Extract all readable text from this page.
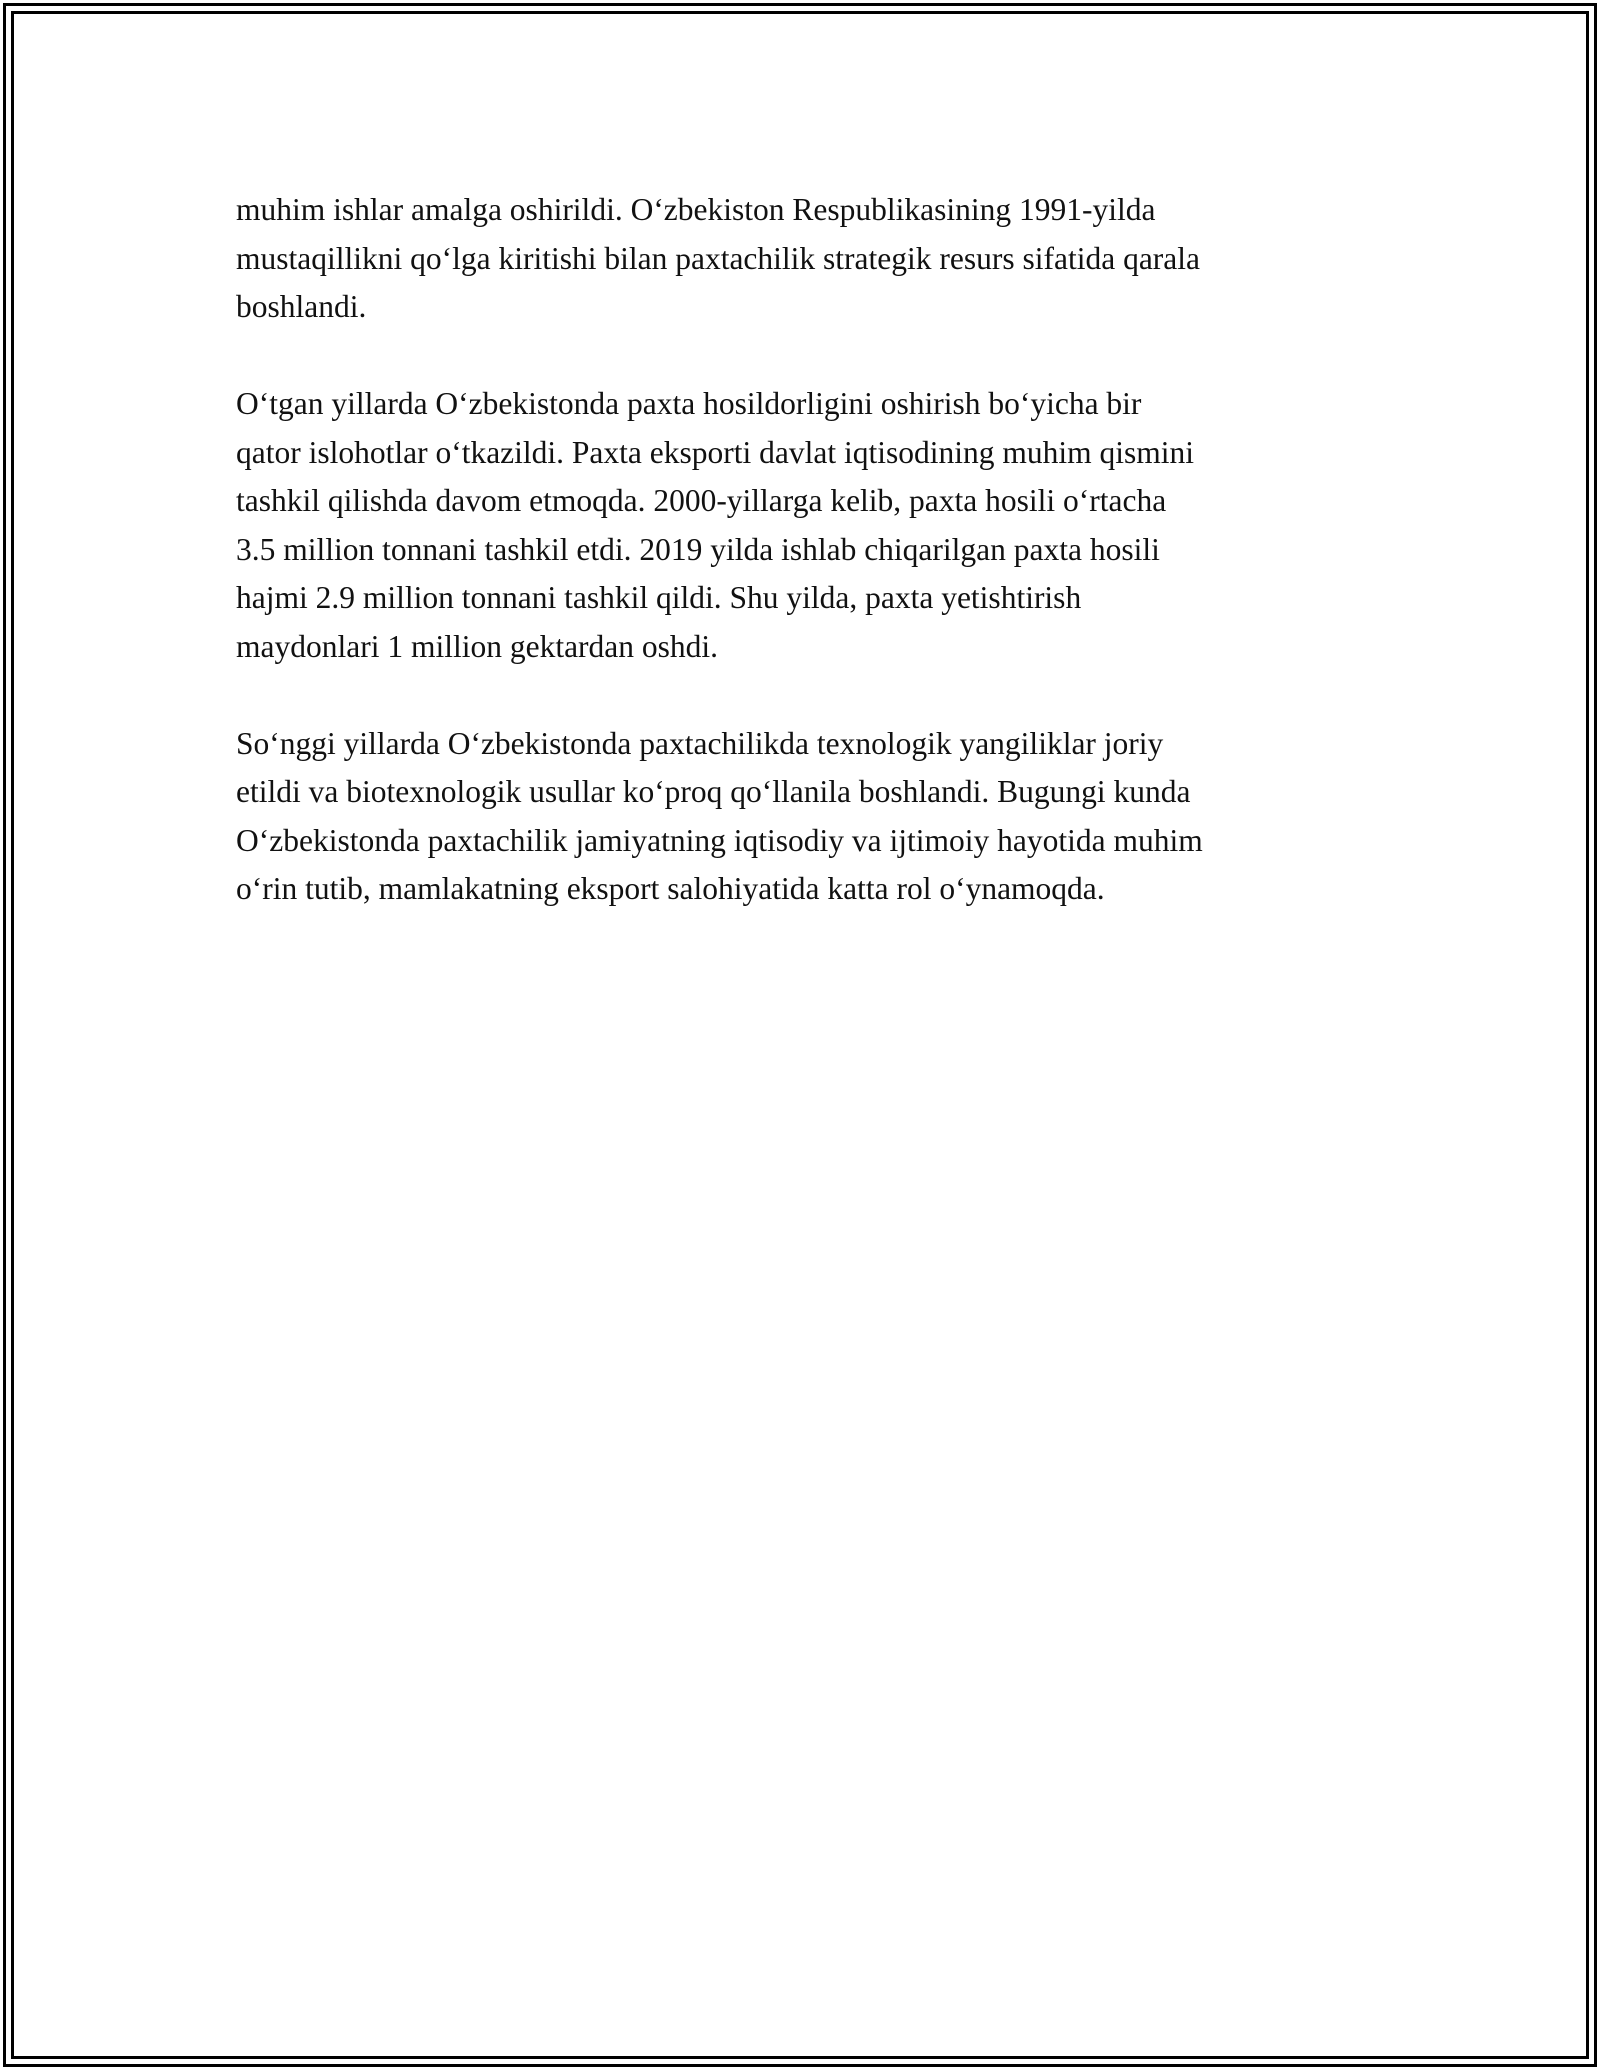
muhim ishlar amalga oshirildi. O‘zbekiston Respublikasining 1991-yilda
mustaqillikni qo‘lga kiritishi bilan paxtachilik strategik resurs sifatida qarala
boshlandi.

O‘tgan yillarda O‘zbekistonda paxta hosildorligini oshirish bo‘yicha bir
qator islohotlar o‘tkazildi. Paxta eksporti davlat iqtisodining muhim qismini
tashkil qilishda davom etmoqda. 2000-yillarga kelib, paxta hosili o‘rtacha
3.5 million tonnani tashkil etdi. 2019 yilda ishlab chiqarilgan paxta hosili
hajmi 2.9 million tonnani tashkil qildi. Shu yilda, paxta yetishtirish
maydonlari 1 million gektardan oshdi.

So‘nggi yillarda O‘zbekistonda paxtachilikda texnologik yangiliklar joriy
etildi va biotexnologik usullar ko‘proq qo‘llanila boshlandi. Bugungi kunda
O‘zbekistonda paxtachilik jamiyatning iqtisodiy va ijtimoiy hayotida muhim
o‘rin tutib, mamlakatning eksport salohiyatida katta rol o‘ynamoqda.
